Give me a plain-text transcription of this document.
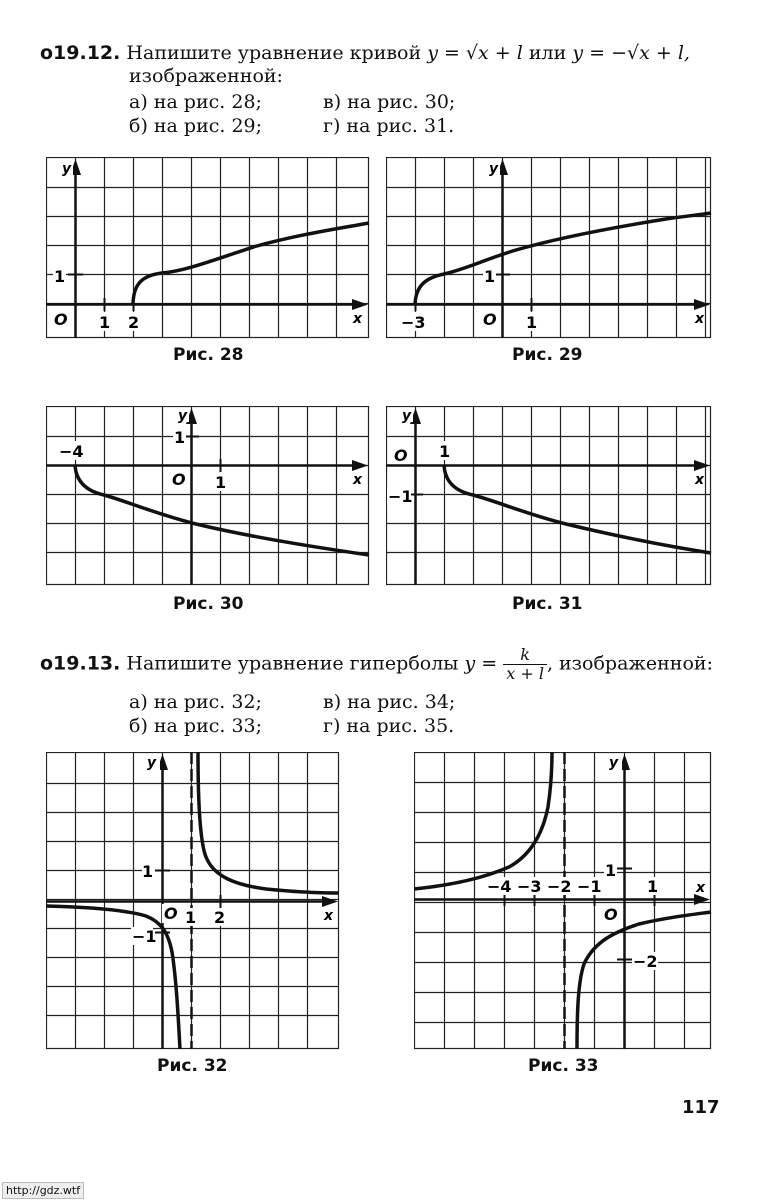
o19.12. Напишите уравнение кривой y = √x + l или y = −√x + l,
изображенной:
а) на рис. 28;	в) на рис. 30;
б) на рис. 29;	г) на рис. 31.
y
x
O 1 2
1
Рис. 28
y
x
O
−3	1
1
Рис. 29
y
x
O
−4
1
1
Рис. 30
y
x
O 1
−1
Рис. 31
o19.13. Напишите уравнение гиперболы $y = \frac{k}{x + l}$ , изображенной:
а) на рис. 32;	в) на рис. 34;
б) на рис. 33;	г) на рис. 35.
y
x
O
1
1 2
−1
Рис. 32
y
x
O
−4 −3 −2 −1	1
1
−2
Рис. 33
117
http://gdz.wtf
